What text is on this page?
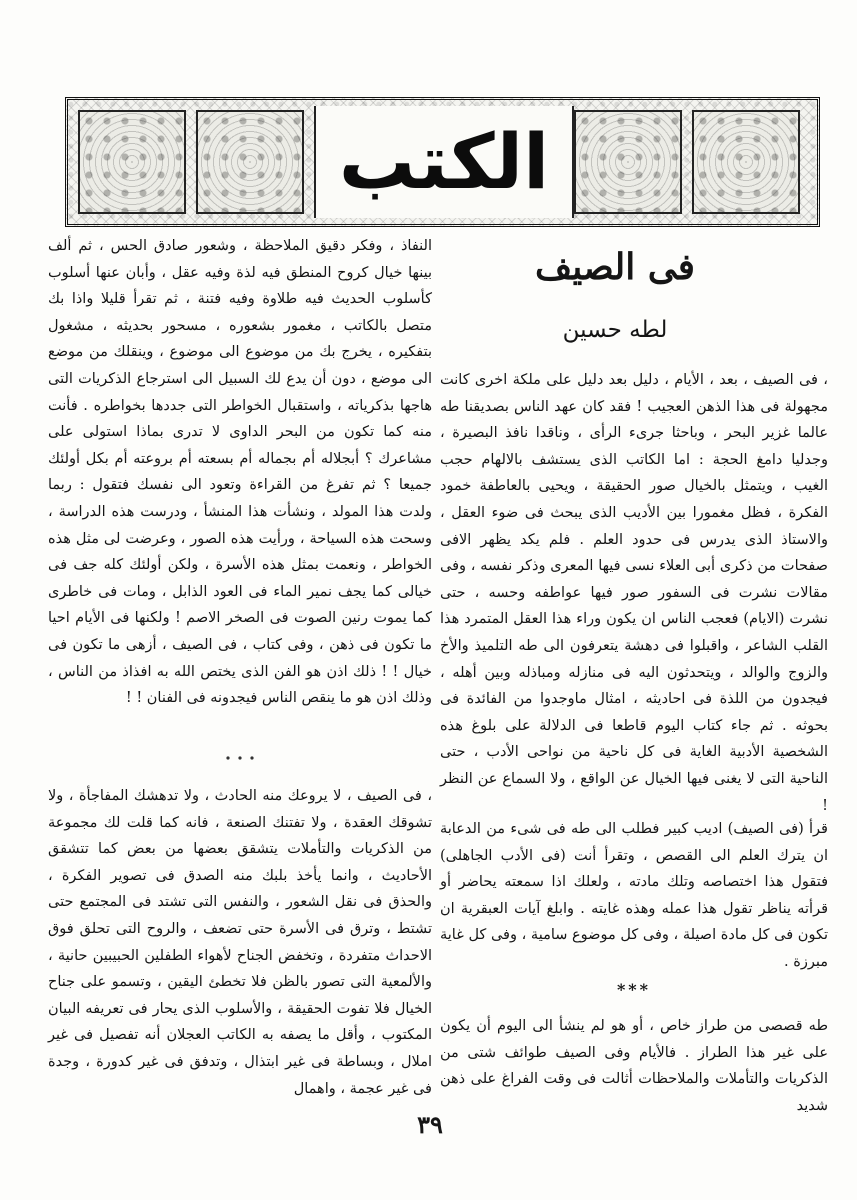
الكتب
فى الصيف
لطه حسين

، فى الصيف ، بعد ، الأيام ، دليل بعد دليل على ملكة اخرى كانت مجهولة فى هذا الذهن العجيب ! فقد كان عهد الناس بصديقنا طه عالما غزير البحر ، وباحثا جرى‌ء الرأى ، وناقدا نافذ البصيرة ، وجدليا دامغ الحجة : اما الكاتب الذى يستشف بالالهام حجب الغيب ، ويتمثل بالخيال صور الحقيقة ، ويحيى بالعاطفة خمود الفكرة ، فظل مغمورا بين الأديب الذى يبحث فى ضوء العقل ، والاستاذ الذى يدرس فى حدود العلم . فلم يكد يظهر الافى صفحات من ذكرى أبى العلاء نسى فيها المعرى وذكر نفسه ، وفى مقالات نشرت فى السفور صور فيها عواطفه وحسه ، حتى نشرت (الايام) فعجب الناس ان يكون وراء هذا العقل المتمرد هذا القلب الشاعر ، واقبلوا فى دهشة يتعرفون الى طه التلميذ والأخ والزوج والوالد ، ويتحدثون اليه فى منازله ومباذله وبين أهله ، فيجدون من اللذة فى احاديثه ، امثال ماوجدوا من الفائدة فى بحوثه . ثم جاء كتاب اليوم قاطعا فى الدلالة على بلوغ هذه الشخصية الأدبية الغاية فى كل ناحية من نواحى الأدب ، حتى الناحية التى لا يغنى فيها الخيال عن الواقع ، ولا السماع عن النظر !

قرأ (فى الصيف) اديب كبير فطلب الى طه فى شى‌ء من الدعابة ان يترك العلم الى القصص ، وتقرأ أنت (فى الأدب الجاهلى) فتقول هذا اختصاصه وتلك مادته ، ولعلك اذا سمعته يحاضر أو قرأته يناظر تقول هذا عمله وهذه غايته . وابلغ آيات العبقرية ان تكون فى كل مادة اصيلة ، وفى كل موضوع سامية ، وفى كل غاية مبرزة .

***

طه قصصى من طراز خاص ، أو هو لم ينشأ الى اليوم أن يكون على غير هذا الطراز . فالأيام وفى الصيف طوائف شتى من الذكريات والتأملات والملاحظات أثالت فى وقت الفراغ على ذهن شديد

النفاذ ، وفكر دقيق الملاحظة ، وشعور صادق الحس ، ثم ألف بينها خيال كروح المنطق فيه لذة وفيه عقل ، وأبان عنها أسلوب كأسلوب الحديث فيه طلاوة وفيه فتنة ، ثم تقرأ قليلا واذا بك متصل بالكاتب ، مغمور بشعوره ، مسحور بحديثه ، مشغول بتفكيره ، يخرج بك من موضوع الى موضوع ، وينقلك من موضع الى موضع ، دون أن يدع لك السبيل الى استرجاع الذكريات التى هاجها بذكرياته ، واستقبال الخواطر التى جددها بخواطره . فأنت منه كما تكون من البحر الداوى لا تدرى بماذا استولى على مشاعرك ؟ أبجلاله أم بجماله أم بسعته أم بروعته أم بكل أولئك جميعا ؟ ثم تفرغ من القراءة وتعود الى نفسك فتقول : ربما ولدت هذا المولد ، ونشأت هذا المنشأ ، ودرست هذه الدراسة ، وسحت هذه السياحة ، ورأيت هذه الصور ، وعرضت لى مثل هذه الخواطر ، ونعمت بمثل هذه الأسرة ، ولكن أولئك كله جف فى خيالى كما يجف نمير الماء فى العود الذابل ، ومات فى خاطرى كما يموت رنين الصوت فى الصخر الاصم ! ولكنها فى الأيام احيا ما تكون فى ذهن ، وفى كتاب ، فى الصيف ، أزهى ما تكون فى خيال ! ! ذلك اذن هو الفن الذى يختص الله به افذاذ من الناس ، وذلك اذن هو ما ينقص الناس فيجدونه فى الفنان ! !

، فى الصيف ، لا يروعك منه الحادث ، ولا تدهشك المفاجأة ، ولا تشوقك العقدة ، ولا تفتنك الصنعة ، فانه كما قلت لك مجموعة من الذكريات والتأملات يتشقق بعضها من بعض كما تتشقق الأحاديث ، وانما يأخذ بلبك منه الصدق فى تصوير الفكرة ، والحذق فى نقل الشعور ، والنفس التى تشتد فى المجتمع حتى تشتط ، وترق فى الأسرة حتى تضعف ، والروح التى تحلق فوق الاحداث متفردة ، وتخفض الجناح لأهواء الطفلين الحبيبين حانية ، والألمعية التى تصور بالظن فلا تخطئ اليقين ، وتسمو على جناح الخيال فلا تفوت الحقيقة ، والأسلوب الذى يحار فى تعريفه البيان المكتوب ، وأقل ما يصفه به الكاتب العجلان أنه تفصيل فى غير املال ، وبساطة فى غير ابتذال ، وتدفق فى غير كدورة ، وجدة فى غير عجمة ، واهمال

٣٩
